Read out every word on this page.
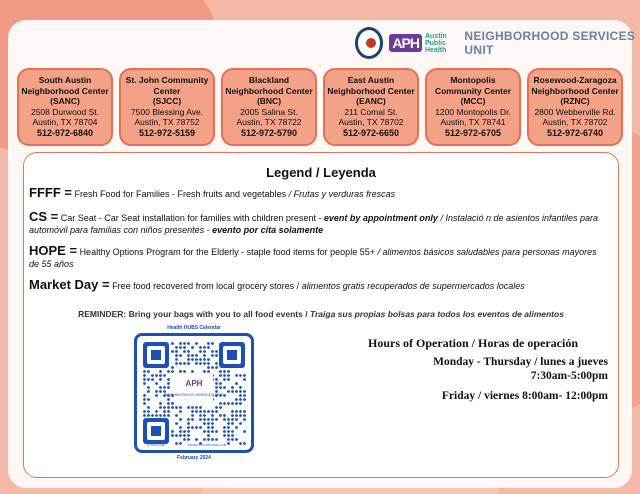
APH Austin
Public
Health
NEIGHBORHOOD SERVICES UNIT
South Austin Neighborhood Center
(SANC)
2508 Durwood St.
Austin, TX 78704
512-972-6840
St. John Community Center
(SJCC)
7500 Blessing Ave.
Austin, TX 78752
512-972-5159
Blackland Neighborhood Center
(BNC)
2005 Salina St.
Austin, TX 78722
512-972-5790
East Austin Neighborhood Center
(EANC)
211 Comal St.
Austin, TX 78702
512-972-6650
Montopolis Community Center
(MCC)
1200 Montopolis Dr.
Austin, TX 78741
512-972-6705
Rosewood-Zaragoza Neighborhood Center
(RZNC)
2800 Webberville Rd.
Austin, TX 78702
512-972-6740
Legend / Leyenda
FFFF = Fresh Food for Families - Fresh fruits and vegetables / Frutas y verduras frescas
CS = Car Seat - Car Seat installation for families with children present - event by appointment only / Instalació n de asientos infantiles para automóvil para familias con niños presentes - evento por cita solamente
HOPE = Healthy Options Program for the Elderly - staple food items for people 55+ / alimentos básicos saludables para personas mayores de 55 años
Market Day = Free food recovered from local grocery stores / alimentos gratis recuperados de supermercados locales
REMINDER: Bring your bags with you to all food events / Traiga sus propias bolsas para todos los eventos de alimentos
Health HUBS Calendar
APH
NEIGHBORHOOD SERVICES UNIT
FLOWCODE	PRIVACY.FLOWCODE.COM
February 2024
Hours of Operation / Horas de operación
Monday - Thursday / lunes a jueves
7:30am-5:00pm
Friday / viernes 8:00am- 12:00pm
